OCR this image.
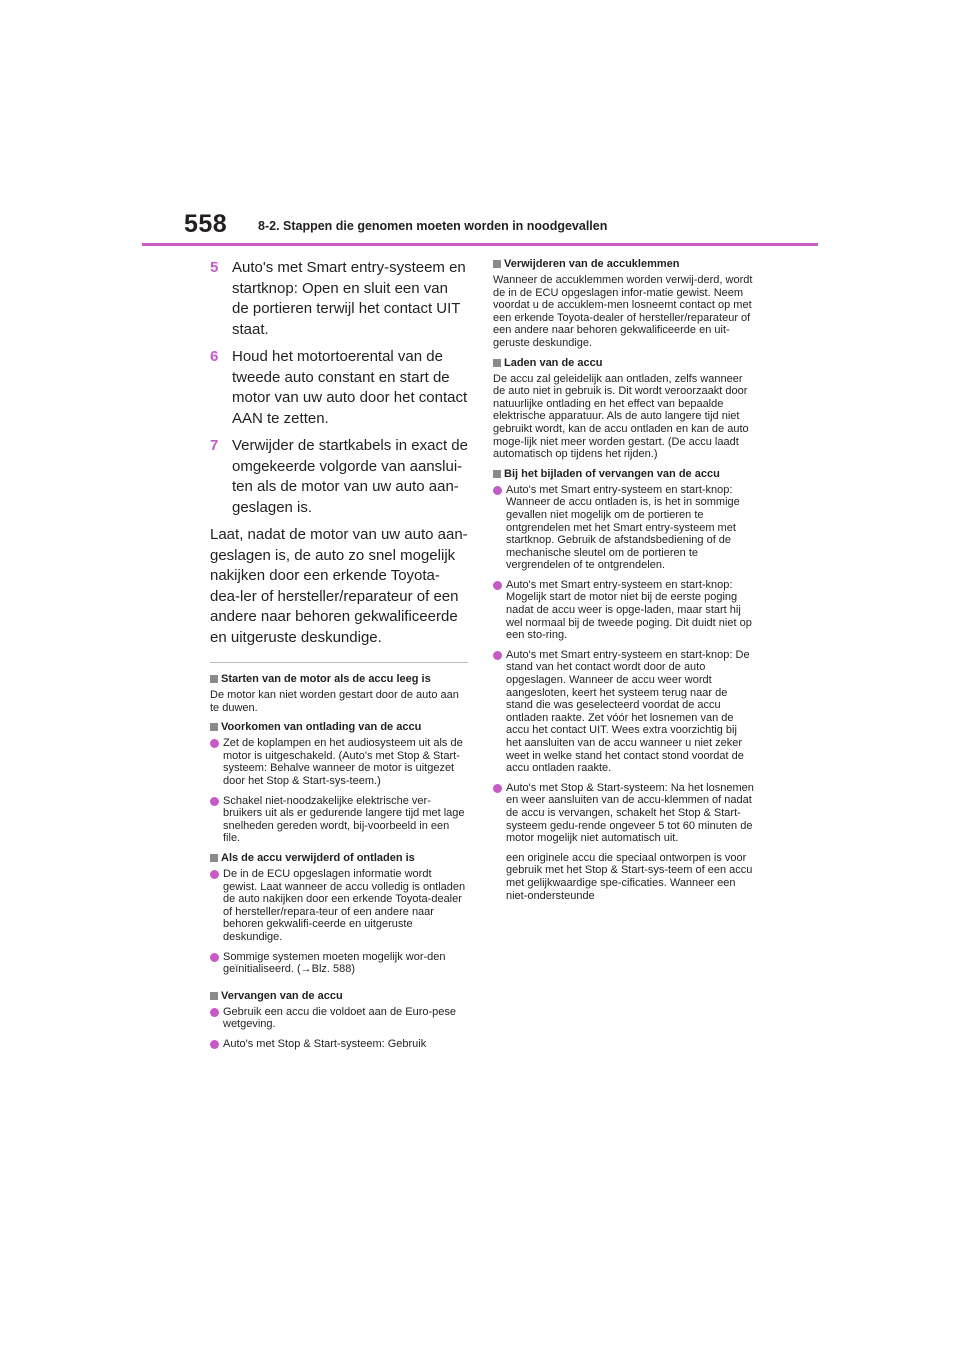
558 8-2. Stappen die genomen moeten worden in noodgevallen
5 Auto's met Smart entry-systeem en startknop: Open en sluit een van de portieren terwijl het contact UIT staat.
6 Houd het motortoerental van de tweede auto constant en start de motor van uw auto door het contact AAN te zetten.
7 Verwijder de startkabels in exact de omgekeerde volgorde van aanslui-ten als de motor van uw auto aan-geslagen is.

Laat, nadat de motor van uw auto aan-geslagen is, de auto zo snel mogelijk nakijken door een erkende Toyota-dea-ler of hersteller/reparateur of een andere naar behoren gekwalificeerde en uitgeruste deskundige.

Starten van de motor als de accu leeg is

De motor kan niet worden gestart door de auto aan te duwen.

Voorkomen van ontlading van de accu
Zet de koplampen en het audiosysteem uit als de motor is uitgeschakeld. (Auto's met Stop & Start-systeem: Behalve wanneer de motor is uitgezet door het Stop & Start-sys-teem.)
Schakel niet-noodzakelijke elektrische ver-bruikers uit als er gedurende langere tijd met lage snelheden gereden wordt, bij-voorbeeld in een file.
Als de accu verwijderd of ontladen is
De in de ECU opgeslagen informatie wordt gewist. Laat wanneer de accu volledig is ontladen de auto nakijken door een erkende Toyota-dealer of hersteller/repara-teur of een andere naar behoren gekwalifi-ceerde en uitgeruste deskundige.
Sommige systemen moeten mogelijk wor-den geïnitialiseerd. (→Blz. 588)
Vervangen van de accu
Gebruik een accu die voldoet aan de Euro-pese wetgeving.
Auto's met Stop & Start-systeem: Gebruik
Verwijderen van de accuklemmen

Wanneer de accuklemmen worden verwij-derd, wordt de in de ECU opgeslagen infor-matie gewist. Neem voordat u de accuklem-men losneemt contact op met een erkende Toyota-dealer of hersteller/reparateur of een andere naar behoren gekwalificeerde en uit-geruste deskundige.

Laden van de accu

De accu zal geleidelijk aan ontladen, zelfs wanneer de auto niet in gebruik is. Dit wordt veroorzaakt door natuurlijke ontlading en het effect van bepaalde elektrische apparatuur. Als de auto langere tijd niet gebruikt wordt, kan de accu ontladen en kan de auto moge-lijk niet meer worden gestart. (De accu laadt automatisch op tijdens het rijden.)

Bij het bijladen of vervangen van de accu
Auto's met Smart entry-systeem en start-knop: Wanneer de accu ontladen is, is het in sommige gevallen niet mogelijk om de portieren te ontgrendelen met het Smart entry-systeem met startknop. Gebruik de afstandsbediening of de mechanische sleutel om de portieren te vergrendelen of te ontgrendelen.
Auto's met Smart entry-systeem en start-knop: Mogelijk start de motor niet bij de eerste poging nadat de accu weer is opge-laden, maar start hij wel normaal bij de tweede poging. Dit duidt niet op een sto-ring.
Auto's met Smart entry-systeem en start-knop: De stand van het contact wordt door de auto opgeslagen. Wanneer de accu weer wordt aangesloten, keert het systeem terug naar de stand die was geselecteerd voordat de accu ontladen raakte. Zet vóór het losnemen van de accu het contact UIT. Wees extra voorzichtig bij het aansluiten van de accu wanneer u niet zeker weet in welke stand het contact stond voordat de accu ontladen raakte.
Auto's met Stop & Start-systeem: Na het losnemen en weer aansluiten van de accu-klemmen of nadat de accu is vervangen, schakelt het Stop & Start-systeem gedu-rende ongeveer 5 tot 60 minuten de motor mogelijk niet automatisch uit.

een originele accu die speciaal ontworpen is voor gebruik met het Stop & Start-sys-teem of een accu met gelijkwaardige spe-cificaties. Wanneer een niet-ondersteunde
